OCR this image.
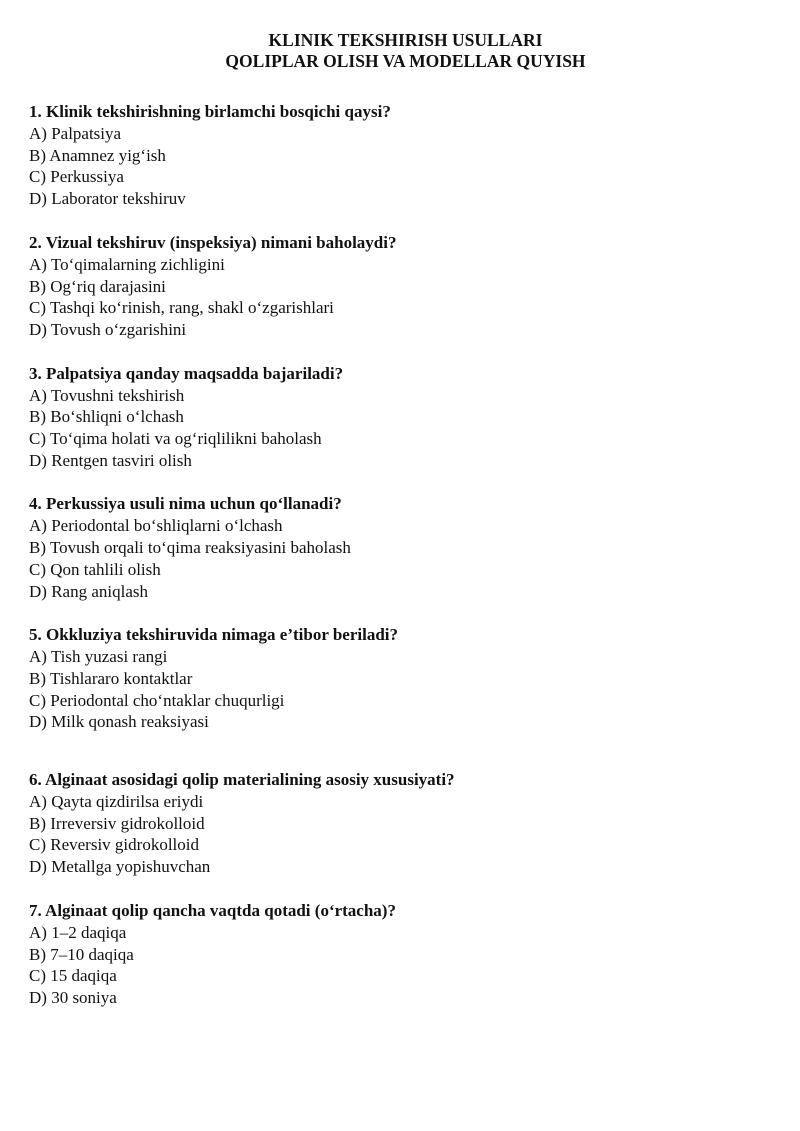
KLINIK TEKSHIRISH USULLARI

QOLIPLAR OLISH VA MODELLAR QUYISH

1. Klinik tekshirishning birlamchi bosqichi qaysi?

A) Palpatsiya

B) Anamnez yig‘ish

C) Perkussiya

D) Laborator tekshiruv

2. Vizual tekshiruv (inspeksiya) nimani baholaydi?

A) To‘qimalarning zichligini

B) Og‘riq darajasini

C) Tashqi ko‘rinish, rang, shakl o‘zgarishlari

D) Tovush o‘zgarishini

3. Palpatsiya qanday maqsadda bajariladi?

A) Tovushni tekshirish

B) Bo‘shliqni o‘lchash

C) To‘qima holati va og‘riqlilikni baholash

D) Rentgen tasviri olish

4. Perkussiya usuli nima uchun qo‘llanadi?

A) Periodontal bo‘shliqlarni o‘lchash

B) Tovush orqali to‘qima reaksiyasini baholash

C) Qon tahlili olish

D) Rang aniqlash

5. Okkluziya tekshiruvida nimaga e’tibor beriladi?

A) Tish yuzasi rangi

B) Tishlararo kontaktlar

C) Periodontal cho‘ntaklar chuqurligi

D) Milk qonash reaksiyasi

6. Alginaat asosidagi qolip materialining asosiy xususiyati?

A) Qayta qizdirilsa eriydi

B) Irreversiv gidrokolloid

C) Reversiv gidrokolloid

D) Metallga yopishuvchan

7. Alginaat qolip qancha vaqtda qotadi (o‘rtacha)?

A) 1–2 daqiqa

B) 7–10 daqiqa

C) 15 daqiqa

D) 30 soniya
